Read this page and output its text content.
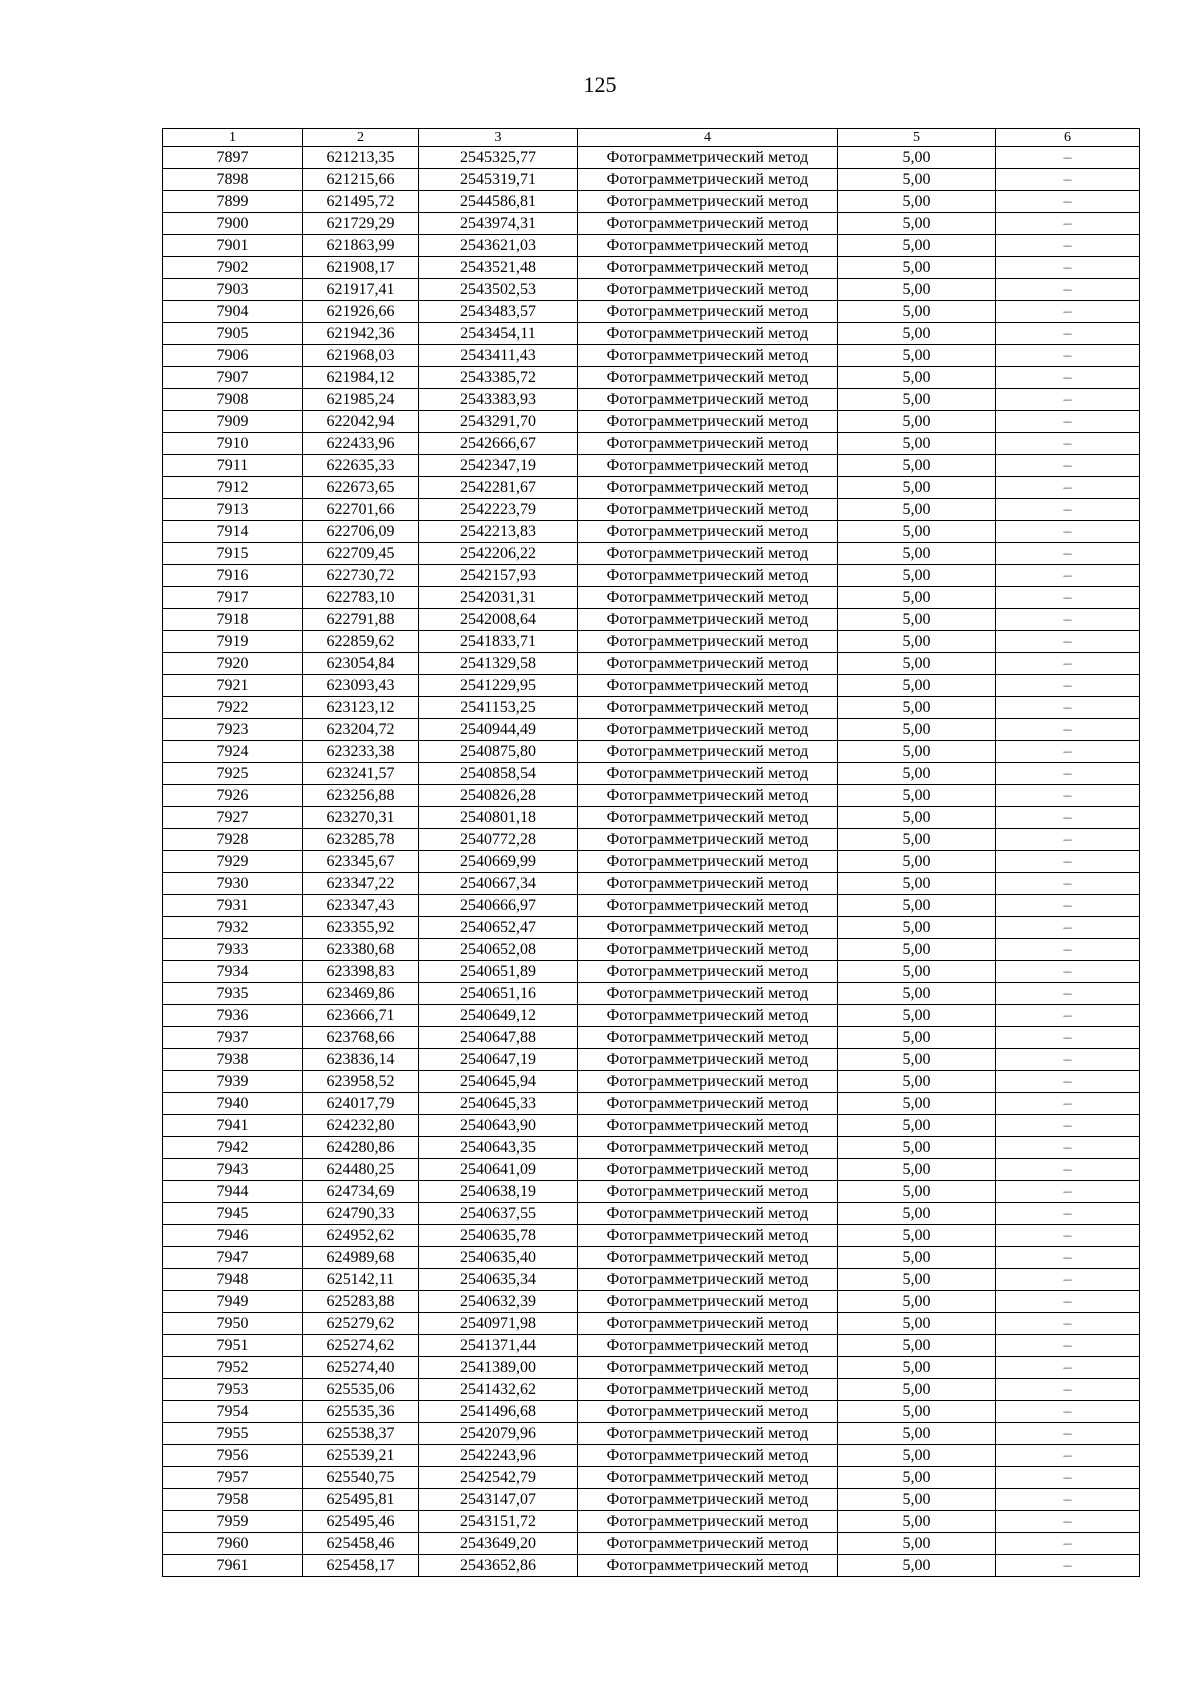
125
1	2	3	4	5	6
7897	621213,35	2545325,77	Фотограмметрический метод	5,00	–
7898	621215,66	2545319,71	Фотограмметрический метод	5,00	–
7899	621495,72	2544586,81	Фотограмметрический метод	5,00	–
7900	621729,29	2543974,31	Фотограмметрический метод	5,00	–
7901	621863,99	2543621,03	Фотограмметрический метод	5,00	–
7902	621908,17	2543521,48	Фотограмметрический метод	5,00	–
7903	621917,41	2543502,53	Фотограмметрический метод	5,00	–
7904	621926,66	2543483,57	Фотограмметрический метод	5,00	–
7905	621942,36	2543454,11	Фотограмметрический метод	5,00	–
7906	621968,03	2543411,43	Фотограмметрический метод	5,00	–
7907	621984,12	2543385,72	Фотограмметрический метод	5,00	–
7908	621985,24	2543383,93	Фотограмметрический метод	5,00	–
7909	622042,94	2543291,70	Фотограмметрический метод	5,00	–
7910	622433,96	2542666,67	Фотограмметрический метод	5,00	–
7911	622635,33	2542347,19	Фотограмметрический метод	5,00	–
7912	622673,65	2542281,67	Фотограмметрический метод	5,00	–
7913	622701,66	2542223,79	Фотограмметрический метод	5,00	–
7914	622706,09	2542213,83	Фотограмметрический метод	5,00	–
7915	622709,45	2542206,22	Фотограмметрический метод	5,00	–
7916	622730,72	2542157,93	Фотограмметрический метод	5,00	–
7917	622783,10	2542031,31	Фотограмметрический метод	5,00	–
7918	622791,88	2542008,64	Фотограмметрический метод	5,00	–
7919	622859,62	2541833,71	Фотограмметрический метод	5,00	–
7920	623054,84	2541329,58	Фотограмметрический метод	5,00	–
7921	623093,43	2541229,95	Фотограмметрический метод	5,00	–
7922	623123,12	2541153,25	Фотограмметрический метод	5,00	–
7923	623204,72	2540944,49	Фотограмметрический метод	5,00	–
7924	623233,38	2540875,80	Фотограмметрический метод	5,00	–
7925	623241,57	2540858,54	Фотограмметрический метод	5,00	–
7926	623256,88	2540826,28	Фотограмметрический метод	5,00	–
7927	623270,31	2540801,18	Фотограмметрический метод	5,00	–
7928	623285,78	2540772,28	Фотограмметрический метод	5,00	–
7929	623345,67	2540669,99	Фотограмметрический метод	5,00	–
7930	623347,22	2540667,34	Фотограмметрический метод	5,00	–
7931	623347,43	2540666,97	Фотограмметрический метод	5,00	–
7932	623355,92	2540652,47	Фотограмметрический метод	5,00	–
7933	623380,68	2540652,08	Фотограмметрический метод	5,00	–
7934	623398,83	2540651,89	Фотограмметрический метод	5,00	–
7935	623469,86	2540651,16	Фотограмметрический метод	5,00	–
7936	623666,71	2540649,12	Фотограмметрический метод	5,00	–
7937	623768,66	2540647,88	Фотограмметрический метод	5,00	–
7938	623836,14	2540647,19	Фотограмметрический метод	5,00	–
7939	623958,52	2540645,94	Фотограмметрический метод	5,00	–
7940	624017,79	2540645,33	Фотограмметрический метод	5,00	–
7941	624232,80	2540643,90	Фотограмметрический метод	5,00	–
7942	624280,86	2540643,35	Фотограмметрический метод	5,00	–
7943	624480,25	2540641,09	Фотограмметрический метод	5,00	–
7944	624734,69	2540638,19	Фотограмметрический метод	5,00	–
7945	624790,33	2540637,55	Фотограмметрический метод	5,00	–
7946	624952,62	2540635,78	Фотограмметрический метод	5,00	–
7947	624989,68	2540635,40	Фотограмметрический метод	5,00	–
7948	625142,11	2540635,34	Фотограмметрический метод	5,00	–
7949	625283,88	2540632,39	Фотограмметрический метод	5,00	–
7950	625279,62	2540971,98	Фотограмметрический метод	5,00	–
7951	625274,62	2541371,44	Фотограмметрический метод	5,00	–
7952	625274,40	2541389,00	Фотограмметрический метод	5,00	–
7953	625535,06	2541432,62	Фотограмметрический метод	5,00	–
7954	625535,36	2541496,68	Фотограмметрический метод	5,00	–
7955	625538,37	2542079,96	Фотограмметрический метод	5,00	–
7956	625539,21	2542243,96	Фотограмметрический метод	5,00	–
7957	625540,75	2542542,79	Фотограмметрический метод	5,00	–
7958	625495,81	2543147,07	Фотограмметрический метод	5,00	–
7959	625495,46	2543151,72	Фотограмметрический метод	5,00	–
7960	625458,46	2543649,20	Фотограмметрический метод	5,00	–
7961	625458,17	2543652,86	Фотограмметрический метод	5,00	–
